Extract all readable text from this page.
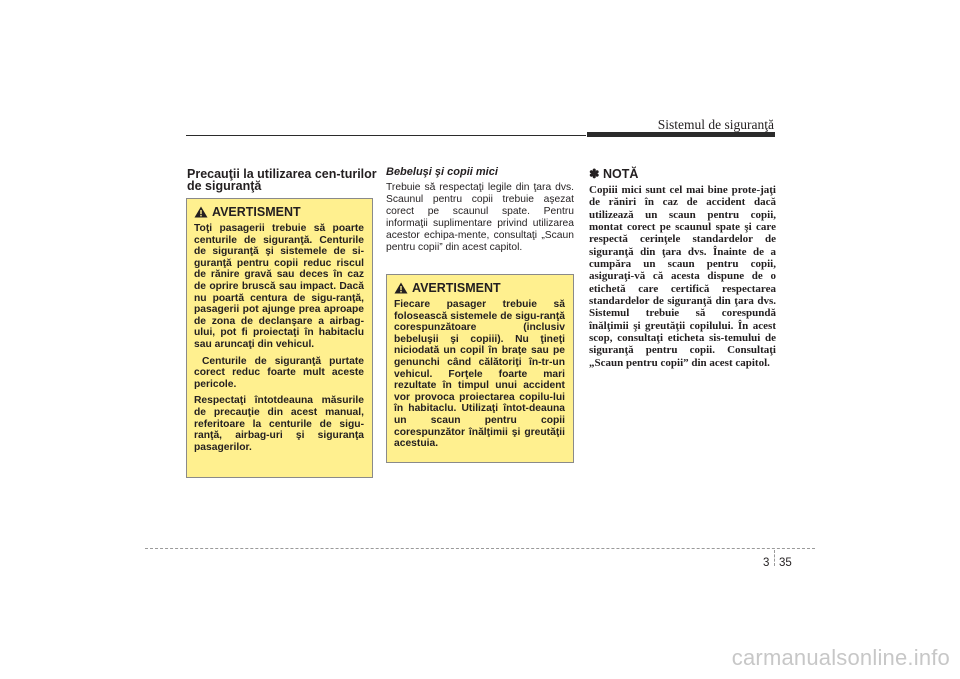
Sistemul de siguranţă
Precauţii la utilizarea cen-turilor de siguranţă
AVERTISMENT

Toţi pasagerii trebuie să poarte centurile de siguranţă. Centurile de siguranţă şi sistemele de si-guranţă pentru copii reduc riscul de rănire gravă sau deces în caz de oprire bruscă sau impact. Dacă nu poartă centura de sigu-ranţă, pasagerii pot ajunge prea aproape de zona de declanşare a airbag-ului, pot fi proiectaţi în habitaclu sau aruncaţi din vehicul.

Centurile de siguranţă purtate corect reduc foarte mult aceste pericole.

Respectaţi întotdeauna măsurile de precauţie din acest manual, referitoare la centurile de sigu-ranţă, airbag-uri şi siguranţa pasagerilor.

Bebeluşi şi copii mici

Trebuie să respectaţi legile din ţara dvs. Scaunul pentru copii trebuie aşezat corect pe scaunul spate. Pentru informaţii suplimentare privind utilizarea acestor echipa-mente, consultaţi „Scaun pentru copii” din acest capitol.

AVERTISMENT

Fiecare pasager trebuie să folosească sistemele de sigu-ranţă corespunzătoare (inclusiv bebeluşii şi copiii). Nu ţineţi niciodată un copil în braţe sau pe genunchi când călătoriţi în-tr-un vehicul. Forţele foarte mari rezultate în timpul unui accident vor provoca proiectarea copilu-lui în habitaclu. Utilizaţi întot-deauna un scaun pentru copii corespunzător înălţimii şi greutăţii acestuia.

✽ NOTĂ

Copiii mici sunt cel mai bine prote-jaţi de răniri în caz de accident dacă utilizează un scaun pentru copii, montat corect pe scaunul spate şi care respectă cerinţele standardelor de siguranţă din ţara dvs. Înainte de a cumpăra un scaun pentru copii, asiguraţi-vă că acesta dispune de o etichetă care certifică respectarea standardelor de siguranţă din ţara dvs. Sistemul trebuie să corespundă înălţimii şi greutăţii copilului. În acest scop, consultaţi eticheta sis-temului de siguranţă pentru copii. Consultaţi „Scaun pentru copii” din acest capitol.

3 35
carmanualsonline.info
